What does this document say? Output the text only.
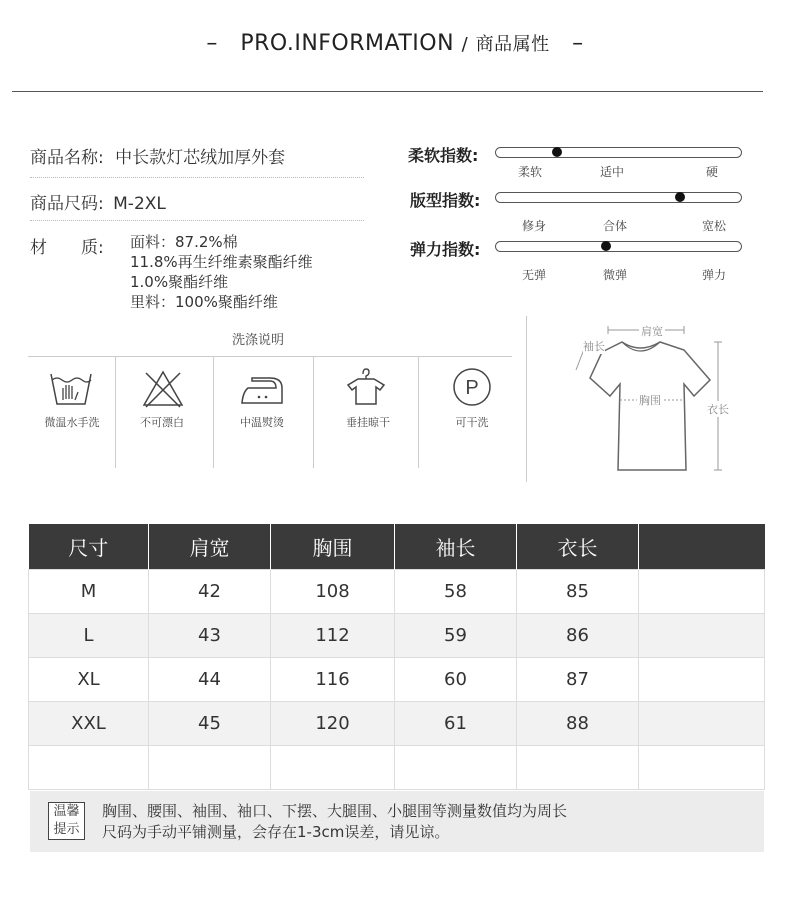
– PRO.INFORMATION / 商品属性 –
商品名称: 中长款灯芯绒加厚外套
商品尺码: M-2XL
材　　质: 面料：87.2%棉
11.8%再生纤维素聚酯纤维
1.0%聚酯纤维
里料：100%聚酯纤维
柔软指数:
柔软	适中	硬
版型指数:
修身	合体	宽松
弹力指数:
无弹	微弹	弹力
洗涤说明
微温水手洗	不可漂白	中温熨烫	垂挂晾干
P
可干洗
肩宽
袖长
胸围
衣长
尺寸	肩宽	胸围	袖长	衣长	
M	42	108	58	85	
L	43	112	59	86	
XL	44	116	60	87	
XXL	45	120	61	88	

温馨
提示
胸围、腰围、袖围、袖口、下摆、大腿围、小腿围等测量数值均为周长
尺码为手动平铺测量，会存在1-3cm误差，请见谅。
